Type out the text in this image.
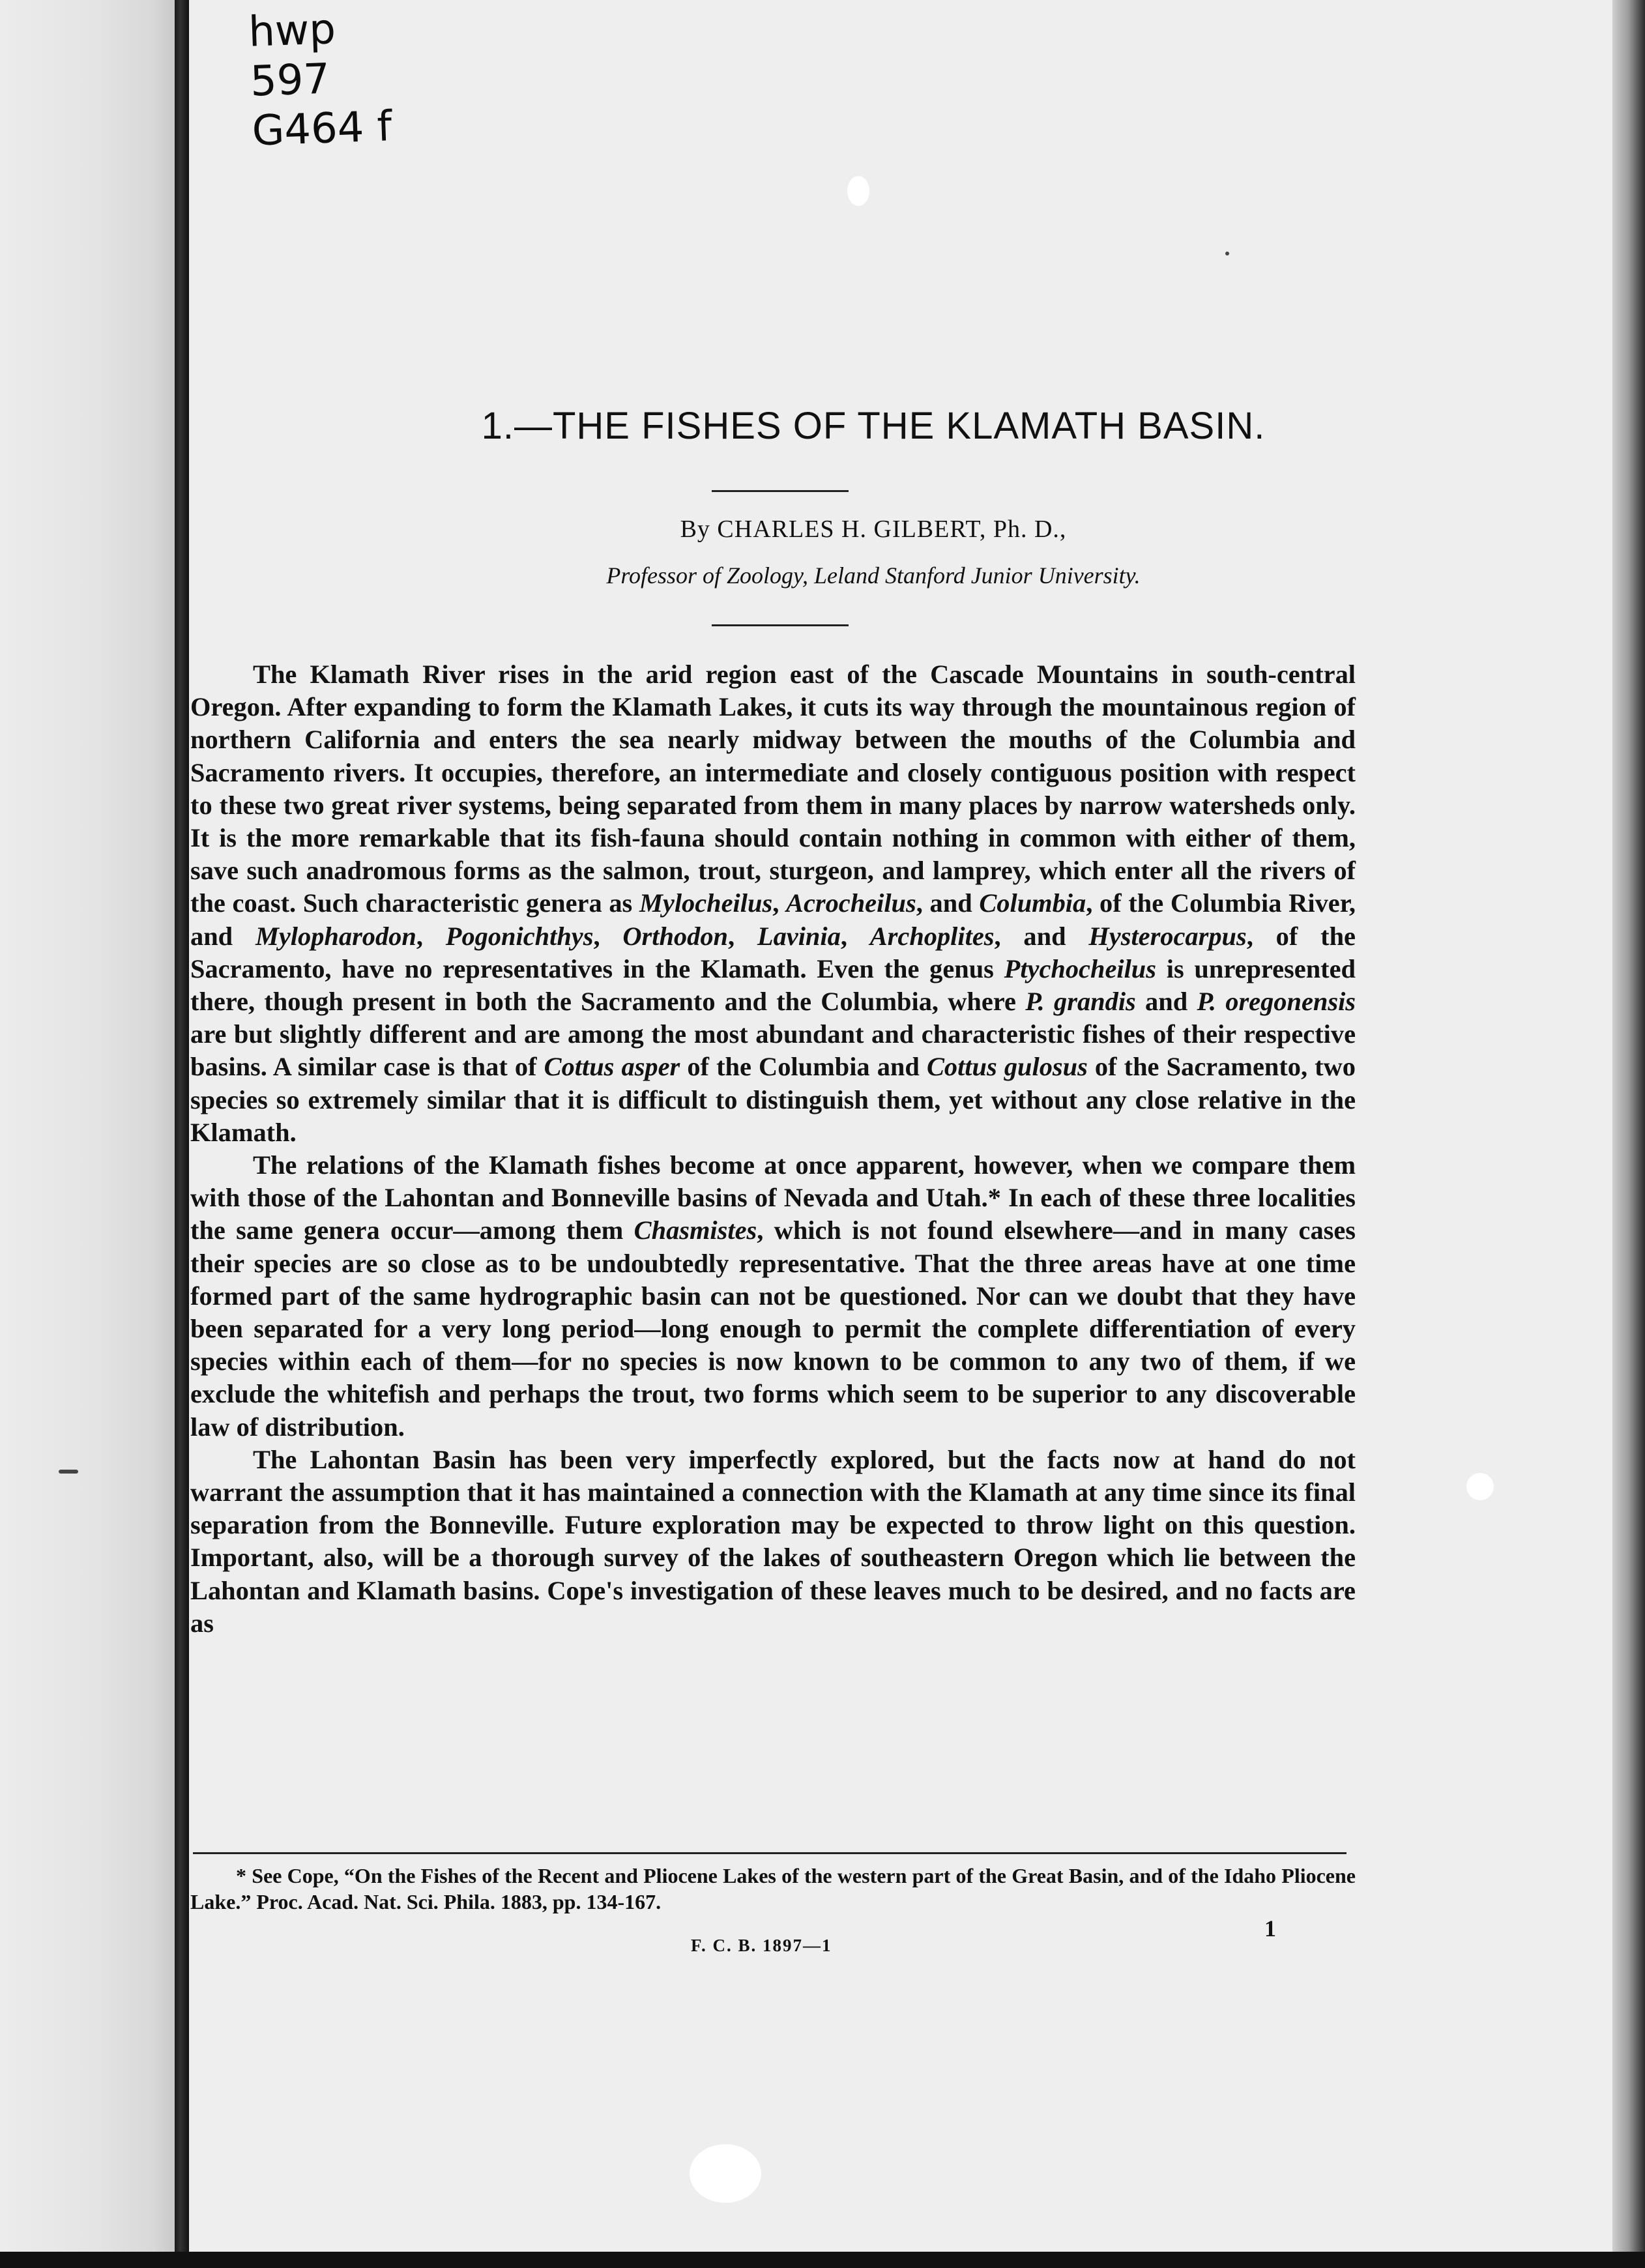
hwp
597
G464 f
1.—THE FISHES OF THE KLAMATH BASIN.
By CHARLES H. GILBERT, Ph. D.,
Professor of Zoology, Leland Stanford Junior University.

The Klamath River rises in the arid region east of the Cascade Mountains in south-central Oregon. After expanding to form the Klamath Lakes, it cuts its way through the mountainous region of northern California and enters the sea nearly midway between the mouths of the Columbia and Sacramento rivers. It occupies, therefore, an intermediate and closely contiguous position with respect to these two great river systems, being separated from them in many places by narrow watersheds only. It is the more remarkable that its fish-fauna should contain nothing in common with either of them, save such anadromous forms as the salmon, trout, sturgeon, and lamprey, which enter all the rivers of the coast. Such characteristic genera as Mylocheilus, Acrocheilus, and Columbia, of the Columbia River, and Mylopharodon, Pogonichthys, Orthodon, Lavinia, Archoplites, and Hysterocarpus, of the Sacramento, have no representatives in the Klamath. Even the genus Ptychocheilus is unrepresented there, though present in both the Sacramento and the Columbia, where P. grandis and P. oregonensis are but slightly different and are among the most abundant and characteristic fishes of their respective basins. A similar case is that of Cottus asper of the Columbia and Cottus gulosus of the Sacramento, two species so extremely similar that it is difficult to distinguish them, yet without any close relative in the Klamath.

The relations of the Klamath fishes become at once apparent, however, when we compare them with those of the Lahontan and Bonneville basins of Nevada and Utah.* In each of these three localities the same genera occur—among them Chasmistes, which is not found elsewhere—and in many cases their species are so close as to be undoubtedly representative. That the three areas have at one time formed part of the same hydrographic basin can not be questioned. Nor can we doubt that they have been separated for a very long period—long enough to permit the complete differentiation of every species within each of them—for no species is now known to be common to any two of them, if we exclude the whitefish and perhaps the trout, two forms which seem to be superior to any discoverable law of distribution.

The Lahontan Basin has been very imperfectly explored, but the facts now at hand do not warrant the assumption that it has maintained a connection with the Klamath at any time since its final separation from the Bonneville. Future exploration may be expected to throw light on this question. Important, also, will be a thorough survey of the lakes of southeastern Oregon which lie between the Lahontan and Klamath basins. Cope's investigation of these leaves much to be desired, and no facts are as

* See Cope, “On the Fishes of the Recent and Pliocene Lakes of the western part of the Great Basin, and of the Idaho Pliocene Lake.” Proc. Acad. Nat. Sci. Phila. 1883, pp. 134-167.
1
F. C. B. 1897—1
